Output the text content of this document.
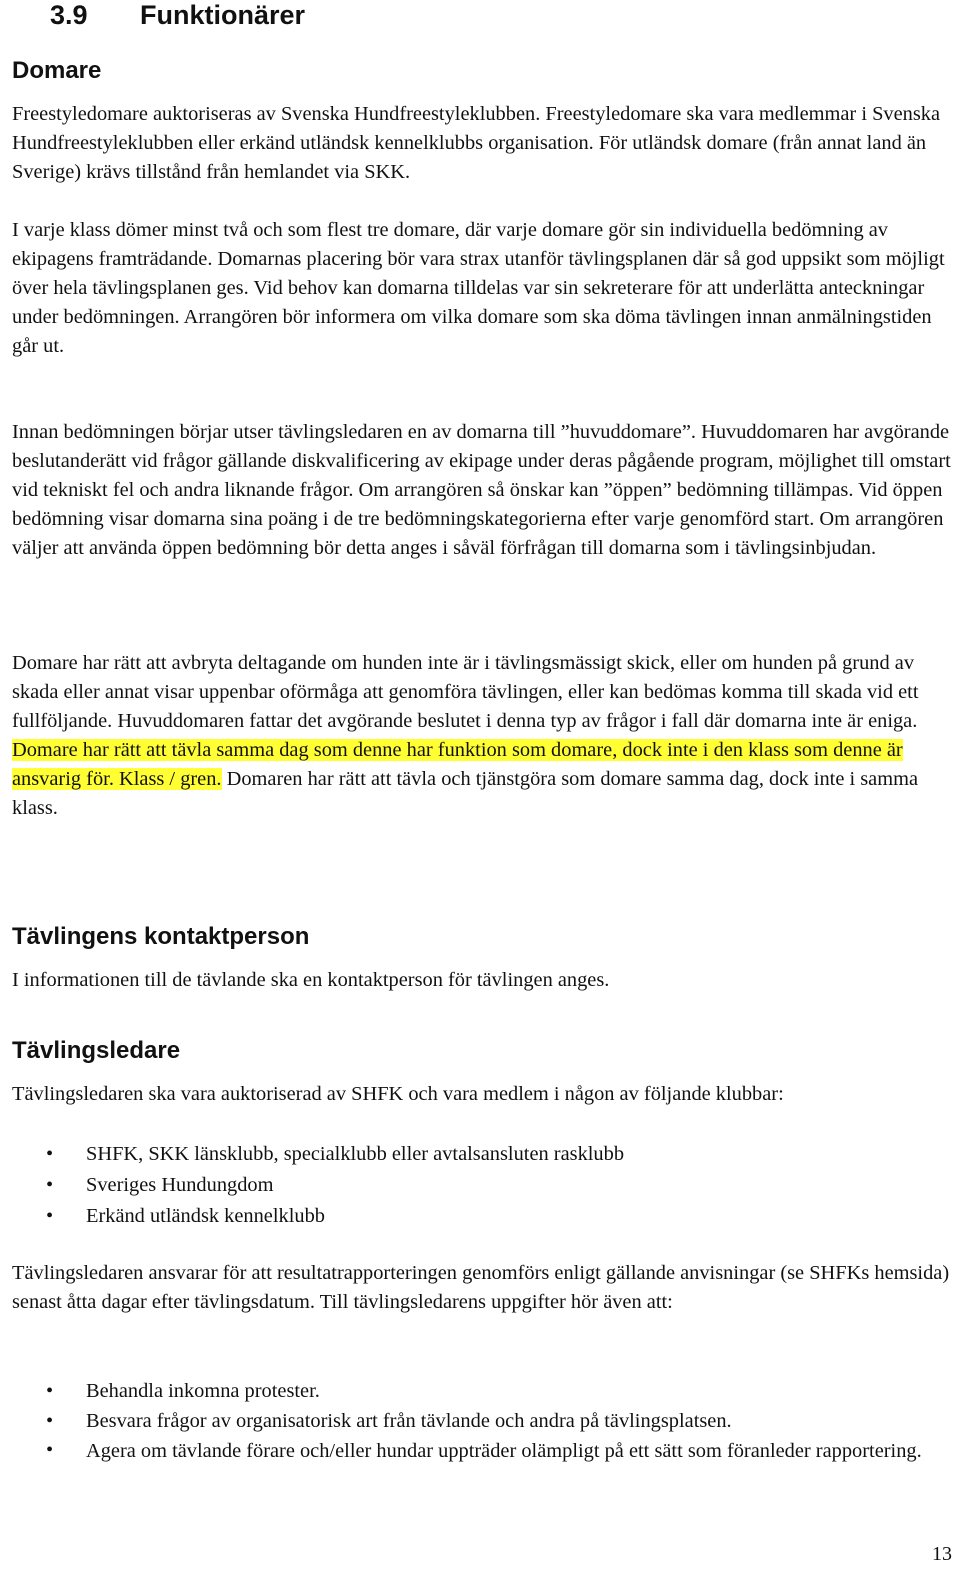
3.9 Funktionärer
Domare

Freestyledomare auktoriseras av Svenska Hundfreestyleklubben. Freestyledomare ska vara medlemmar i Svenska Hundfreestyleklubben eller erkänd utländsk kennelklubbs organisation. För utländsk domare (från annat land än Sverige) krävs tillstånd från hemlandet via SKK.

I varje klass dömer minst två och som flest tre domare, där varje domare gör sin individuella bedömning av ekipagens framträdande. Domarnas placering bör vara strax utanför tävlingsplanen där så god uppsikt som möjligt över hela tävlingsplanen ges. Vid behov kan domarna tilldelas var sin sekreterare för att underlätta anteckningar under bedömningen. Arrangören bör informera om vilka domare som ska döma tävlingen innan anmälningstiden går ut.

Innan bedömningen börjar utser tävlingsledaren en av domarna till ”huvuddomare”. Huvuddomaren har avgörande beslutanderätt vid frågor gällande diskvalificering av ekipage under deras pågående program, möjlighet till omstart vid tekniskt fel och andra liknande frågor. Om arrangören så önskar kan ”öppen” bedömning tillämpas. Vid öppen bedömning visar domarna sina poäng i de tre bedömningskategorierna efter varje genomförd start. Om arrangören väljer att använda öppen bedömning bör detta anges i såväl förfrågan till domarna som i tävlingsinbjudan.

Domare har rätt att avbryta deltagande om hunden inte är i tävlingsmässigt skick, eller om hunden på grund av skada eller annat visar uppenbar oförmåga att genomföra tävlingen, eller kan bedömas komma till skada vid ett fullföljande. Huvuddomaren fattar det avgörande beslutet i denna typ av frågor i fall där domarna inte är eniga. Domare har rätt att tävla samma dag som denne har funktion som domare, dock inte i den klass som denne är ansvarig för. Klass / gren. Domaren har rätt att tävla och tjänstgöra som domare samma dag, dock inte i samma klass.

Tävlingens kontaktperson

I informationen till de tävlande ska en kontaktperson för tävlingen anges.

Tävlingsledare

Tävlingsledaren ska vara auktoriserad av SHFK och vara medlem i någon av följande klubbar:

• SHFK, SKK länsklubb, specialklubb eller avtalsansluten rasklubb
• Sveriges Hundungdom
• Erkänd utländsk kennelklubb

Tävlingsledaren ansvarar för att resultatrapporteringen genomförs enligt gällande anvisningar (se SHFKs hemsida) senast åtta dagar efter tävlingsdatum. Till tävlingsledarens uppgifter hör även att:

• Behandla inkomna protester.
• Besvara frågor av organisatorisk art från tävlande och andra på tävlingsplatsen.
• Agera om tävlande förare och/eller hundar uppträder olämpligt på ett sätt som föranleder rapportering.
13
